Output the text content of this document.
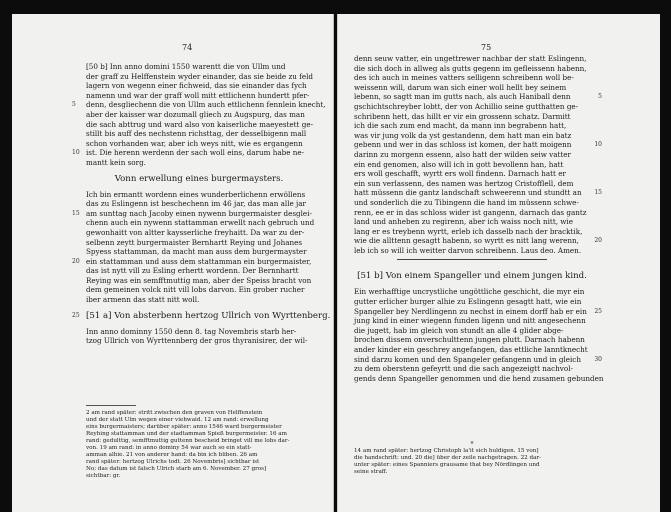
74
[50 b] Inn anno domini 1550 warentt die von Ullm und
der graff zu Helffenstein wyder einander, das sie beide zu feld
lagern von wegenn einer fichweid, das sie einander das fych
namenn und war der graff woll mitt ettlichenn hundertt pfer-
denn, desgliechenn die von Ullm auch ettlichenn fennlein knecht,
5
aber der kaisser war dozumall gliech zu Augspurg, das man
die sach abttrug und ward also von kaiserliche maeyestett ge-
stillt bis auff des nechstenn richsttag, der desselbigenn mall
schon vorhanden war, aber ich weys nitt, wie es ergangenn
ist. Die herenn werdenn der sach woll eins, darum habe ne-
10
mantt kein sorg.
Vonn erwellung eines burgermaysters.
Ich bin ermantt wordenn eines wunderberlichenn erwöllens
das zu Eslingenn ist beschechenn im 46 jar, das man alle jar
am sunttag nach Jacoby einen nywenn burgermaister desglei-
15
chenn auch ein nywenn stattamman erwellt nach gebruch und
gewonhaitt von altter kaysserliche freyhaitt. Da war zu der-
selbenn zeytt burgermaister Bernhartt Reying und Johanes
Spyess stattamman, da macht man auss dem burgermayster
ein stattamman und auss dem stattamman ein burgermaister,
20
das ist nytt vill zu Esling erhertt wordenn. Der Bernnhartt
Reying was ein semfftmuttig man, aber der Speiss bracht von
dem gemeinen volck nitt vill lobs darvon. Ein grober rucher
iber armenn das statt nitt woll.
25 [51 a] Von absterbenn hertzog Ullrich von Wyrttenberg.
Inn anno dominny 1550 denn 8. tag Novembris starb her-
tzog Ullrich von Wyrttennberg der gros thyranisirer, der wil-
2 am rand später: stritt zwischen den graven von Helffenstein
und der statt Ulm wegen einer viehwaid. 12 am rand: erwellung
eins burgermaisters; darüber später: anno 1546 ward burgermeister
Reyhing stattamman und der stadtamman Spieß burgermeister. 16 am
rand: gedulttig, semfftmuttig guttenn bescheid bringet vill me lobs dar-
von. 19 am rand: in anno dominy 54 war auch so ein statt-
amman alhie. 21 von anderer hand: da bin ich bliben. 26 am
rand später: hertzog Ulrichs todt. 26 Novembris] sichtbar ist
No; das datum ist falsch Ulrich starb am 6. November. 27 gros]
sichtbar: gr.
75
denn seuw vatter, ein ungettrewer nachbar der statt Eslingenn,
die sich doch in allweg als gutts gegenn im gefleissenn habenn,
des ich auch in meines vatters selligenn schreibenn woll be-
weissenn will, darum wan sich einer woll hellt bey seinem
lebenn, so sagtt man im gutts nach, als auch Haniball denn	5
gschichtschreyber lobtt, der von Achillio seine gutthatten ge-
schribenn hett, das hillt er vir ein grossenn schatz. Darmitt
ich die sach zum end macht, da mann inn begrabenn hatt,
was vir jung volk da yst gestandenn, dem hatt man ein batz
gebenn und wer in das schloss ist komen, der hatt moigenn	10
darinn zu morgenn essenn, also hatt der wilden seiw vatter
ein end genomen, also will ich in gott bevollenn han, hatt
ers woll geschafft, wyrtt ers woll findenn. Darnach hatt er
ein sun verlassenn, des namen was hertzog Cristofflell, dem
hatt müssenn die gantz landschaft schweerenn und stundtt an 15
und sonderlich die zu Tibingenn die hand im müssenn schwe-
renn, ee er in das schloss wider ist gangenn, darnach das gantz
land und anheben zu regirenn, aber ich waiss noch nitt, wie
lang er es treybenn wyrtt, erleb ich dasselb nach der bracktik,
wie die allttenn gesagtt habenn, so wyrtt es nitt lang werenn,	20
leb ich so will ich weitter darvon schreibenn. Laus deo. Amen.
[51 b] Von einem Spangeller und einem jungen kind.
Ein werhafftige uncrystliche ungöttliche geschicht, die myr ein
gutter erlicher burger alhie zu Eslingenn gesagtt hatt, wie ein
Spangeller bey Nerdlingenn zu nechst in einem dorff hab er ein 25
jung kind in einer wiegenn funden ligenn und nitt angesechenn
die jugett, hab im gleich von stundt an alle 4 glider abge-
brochen dissem onverschulttenn jungen plutt. Darnach habenn
ander kinder ein geschrey angefangen, das ettliche lanntknecht
sind darzu komen und den Spangeler gefangenn und in gleich 30
zu dem oberstenn gefeyrtt und die sach angezeigtt nachvol-
gends denn Spangeller genommen und die hend zusamen gebunden
*
14 am rand später: hertzog Christoph la'it sich huldigen. 15 von]
die handschrift: und. 20 die] über der zeile nachgetragen. 22 dar-
unter später: eines Spanniers grausame that bey Nördlingen und
seine straff.
